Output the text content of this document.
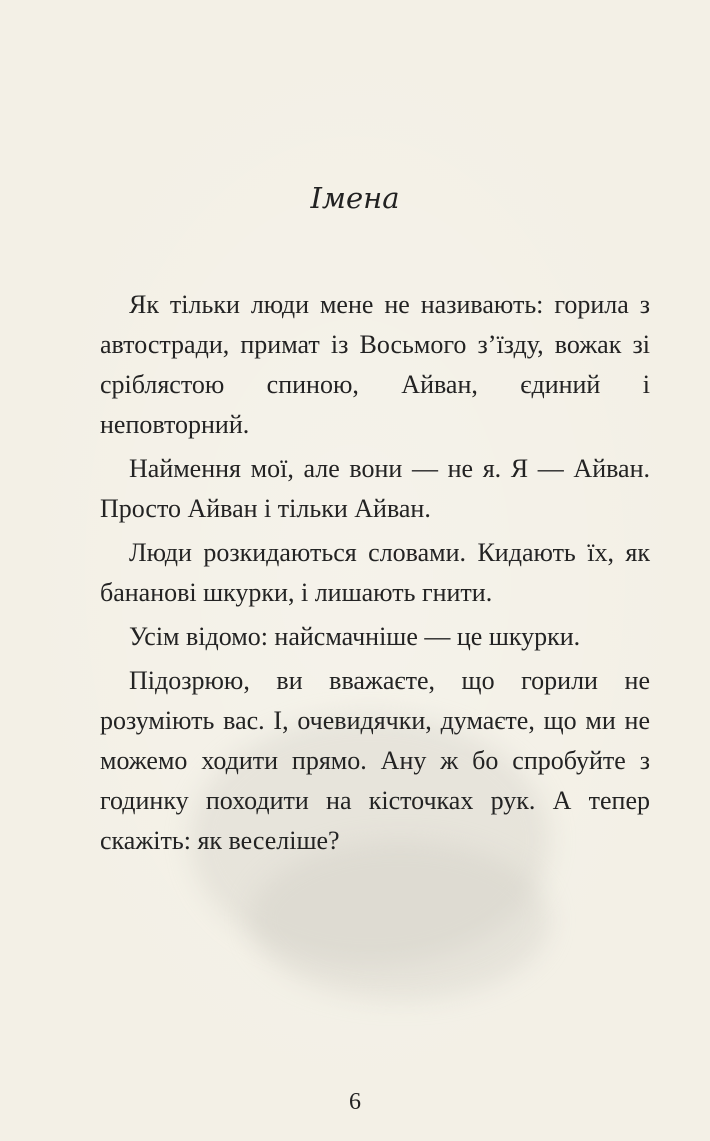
Імена

Як тільки люди мене не називають: горила з автостради, примат із Восьмого з’їзду, вожак зі сріблястою спиною, Айван, єдиний і неповторний.

Наймення мої, але вони — не я. Я — Айван. Просто Айван і тільки Айван.

Люди розкидаються словами. Кидають їх, як бананові шкурки, і лишають гнити.

Усім відомо: найсмачніше — це шкурки.

Підозрюю, ви вважаєте, що горили не розуміють вас. І, очевидячки, думаєте, що ми не можемо ходити прямо. Ану ж бо спробуйте з годинку походити на кісточках рук. А тепер скажіть: як веселіше?

6
